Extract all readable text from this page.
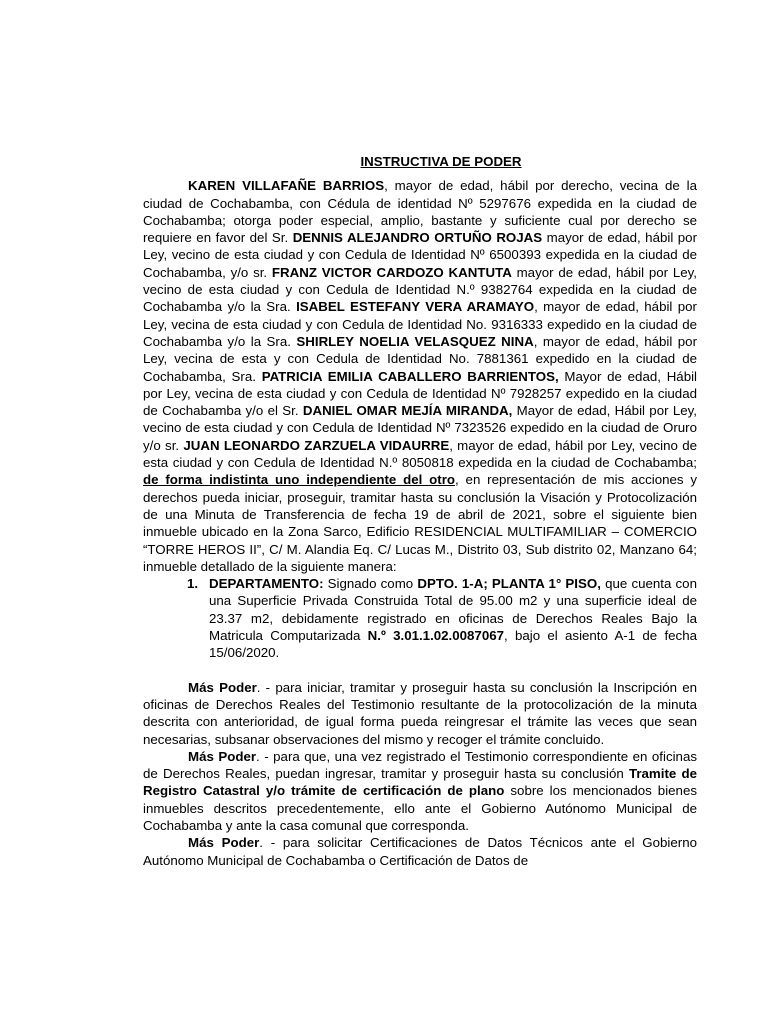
INSTRUCTIVA DE PODER

KAREN VILLAFAÑE BARRIOS, mayor de edad, hábil por derecho, vecina de la ciudad de Cochabamba, con Cédula de identidad Nº 5297676 expedida en la ciudad de Cochabamba; otorga poder especial, amplio, bastante y suficiente cual por derecho se requiere en favor del Sr. DENNIS ALEJANDRO ORTUÑO ROJAS mayor de edad, hábil por Ley, vecino de esta ciudad y con Cedula de Identidad Nº 6500393 expedida en la ciudad de Cochabamba, y/o sr. FRANZ VICTOR CARDOZO KANTUTA mayor de edad, hábil por Ley, vecino de esta ciudad y con Cedula de Identidad N.º 9382764 expedida en la ciudad de Cochabamba y/o la Sra. ISABEL ESTEFANY VERA ARAMAYO, mayor de edad, hábil por Ley, vecina de esta ciudad y con Cedula de Identidad No. 9316333 expedido en la ciudad de Cochabamba y/o la Sra. SHIRLEY NOELIA VELASQUEZ NINA, mayor de edad, hábil por Ley, vecina de esta y con Cedula de Identidad No. 7881361 expedido en la ciudad de Cochabamba, Sra. PATRICIA EMILIA CABALLERO BARRIENTOS, Mayor de edad, Hábil por Ley, vecina de esta ciudad y con Cedula de Identidad Nº 7928257 expedido en la ciudad de Cochabamba y/o el Sr. DANIEL OMAR MEJÍA MIRANDA, Mayor de edad, Hábil por Ley, vecino de esta ciudad y con Cedula de Identidad Nº 7323526 expedido en la ciudad de Oruro y/o sr. JUAN LEONARDO ZARZUELA VIDAURRE, mayor de edad, hábil por Ley, vecino de esta ciudad y con Cedula de Identidad N.º 8050818 expedida en la ciudad de Cochabamba; de forma indistinta uno independiente del otro, en representación de mis acciones y derechos pueda iniciar, proseguir, tramitar hasta su conclusión la Visación y Protocolización de una Minuta de Transferencia de fecha 19 de abril de 2021, sobre el siguiente bien inmueble ubicado en la Zona Sarco, Edificio RESIDENCIAL MULTIFAMILIAR – COMERCIO “TORRE HEROS II”, C/ M. Alandia Eq. C/ Lucas M., Distrito 03, Sub distrito 02, Manzano 64; inmueble detallado de la siguiente manera:

1. DEPARTAMENTO: Signado como DPTO. 1-A; PLANTA 1° PISO, que cuenta con una Superficie Privada Construida Total de 95.00 m2 y una superficie ideal de 23.37 m2, debidamente registrado en oficinas de Derechos Reales Bajo la Matricula Computarizada N.º 3.01.1.02.0087067, bajo el asiento A-1 de fecha 15/06/2020.

Más Poder. - para iniciar, tramitar y proseguir hasta su conclusión la Inscripción en oficinas de Derechos Reales del Testimonio resultante de la protocolización de la minuta descrita con anterioridad, de igual forma pueda reingresar el trámite las veces que sean necesarias, subsanar observaciones del mismo y recoger el trámite concluido.

Más Poder. - para que, una vez registrado el Testimonio correspondiente en oficinas de Derechos Reales, puedan ingresar, tramitar y proseguir hasta su conclusión Tramite de Registro Catastral y/o trámite de certificación de plano sobre los mencionados bienes inmuebles descritos precedentemente, ello ante el Gobierno Autónomo Municipal de Cochabamba y ante la casa comunal que corresponda.

Más Poder. - para solicitar Certificaciones de Datos Técnicos ante el Gobierno Autónomo Municipal de Cochabamba o Certificación de Datos de
